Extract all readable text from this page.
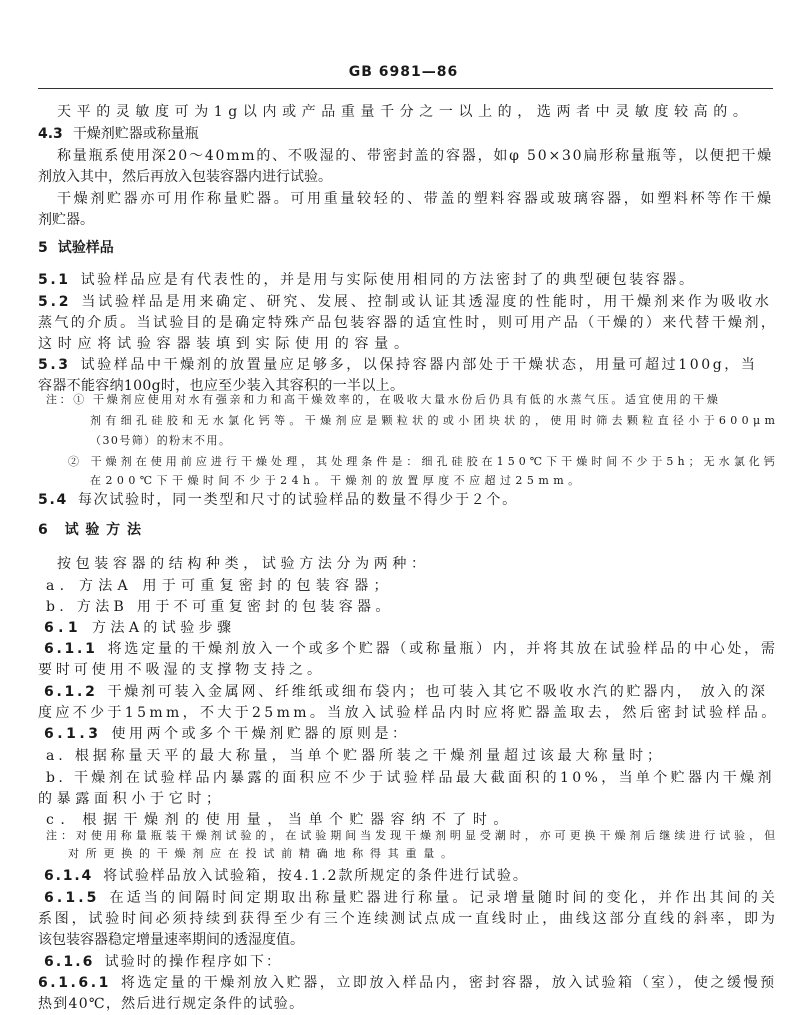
GB 6981—86
天平的灵敏度可为1g以内或产品重量千分之一以上的，选两者中灵敏度较高的。
4.3 干燥剂贮器或称量瓶
称量瓶系使用深20～40mm的、不吸湿的、带密封盖的容器，如φ 50×30扁形称量瓶等，以便把干燥
剂放入其中，然后再放入包装容器内进行试验。
干燥剂贮器亦可用作称量贮器。可用重量较轻的、带盖的塑料容器或玻璃容器，如塑料杯等作干燥
剂贮器。
5 试验样品
5.1 试验样品应是有代表性的，并是用与实际使用相同的方法密封了的典型硬包装容器。
5.2 当试验样品是用来确定、研究、发展、控制或认证其透湿度的性能时，用干燥剂来作为吸收水
蒸气的介质。当试验目的是确定特殊产品包装容器的适宜性时，则可用产品（干燥的）来代替干燥剂，
这时应将试验容器装填到实际使用的容量。
5.3 试验样品中干燥剂的放置量应足够多，以保持容器内部处于干燥状态，用量可超过100g，当
容器不能容纳100g时，也应至少装入其容积的一半以上。
5.4 每次试验时，同一类型和尺寸的试验样品的数量不得少于２个。
6 试验方法
按包装容器的结构种类，试验方法分为两种：
a. 方法A 用于可重复密封的包装容器；
b. 方法B 用于不可重复密封的包装容器。
6.1 方法A的试验步骤
6.1.1 将选定量的干燥剂放入一个或多个贮器（或称量瓶）内，并将其放在试验样品的中心处，需
要时可使用不吸湿的支撑物支持之。
6.1.2 干燥剂可装入金属网、纤维纸或细布袋内；也可装入其它不吸收水汽的贮器内， 放入的深
度应不少于15mm，不大于25mm。当放入试验样品内时应将贮器盖取去，然后密封试验样品。
6.1.3 使用两个或多个干燥剂贮器的原则是：
a. 根据称量天平的最大称量，当单个贮器所装之干燥剂量超过该最大称量时；
b. 干燥剂在试验样品内暴露的面积应不少于试验样品最大截面积的10%，当单个贮器内干燥剂
的暴露面积小于它时；
c. 根据干燥剂的使用量，当单个贮器容纳不了时。
6.1.4 将试验样品放入试验箱，按4.1.2款所规定的条件进行试验。
6.1.5 在适当的间隔时间定期取出称量贮器进行称量。记录增量随时间的变化，并作出其间的关
系图，试验时间必须持续到获得至少有三个连续测试点成一直线时止，曲线这部分直线的斜率，即为
该包装容器稳定增量速率期间的透湿度值。
6.1.6 试验时的操作程序如下：
6.1.6.1 将选定量的干燥剂放入贮器，立即放入样品内，密封容器，放入试验箱（室），使之缓慢预
热到40℃，然后进行规定条件的试验。
注：① 干燥剂应使用对水有强亲和力和高干燥效率的，在吸收大量水份后仍具有低的水蒸气压。适宜使用的干燥
剂有细孔硅胶和无水氯化钙等。干燥剂应是颗粒状的或小团块状的，使用时筛去颗粒直径小于600μm
（30号筛）的粉末不用。
② 干燥剂在使用前应进行干燥处理，其处理条件是：细孔硅胶在150℃下干燥时间不少于5h；无水氯化钙
在200℃下干燥时间不少于24h。干燥剂的放置厚度不应超过25mm。
注：对使用称量瓶装干燥剂试验的，在试验期间当发现干燥剂明显受潮时，亦可更换干燥剂后继续进行试验，但
对所更换的干燥剂应在投试前精确地称得其重量。
